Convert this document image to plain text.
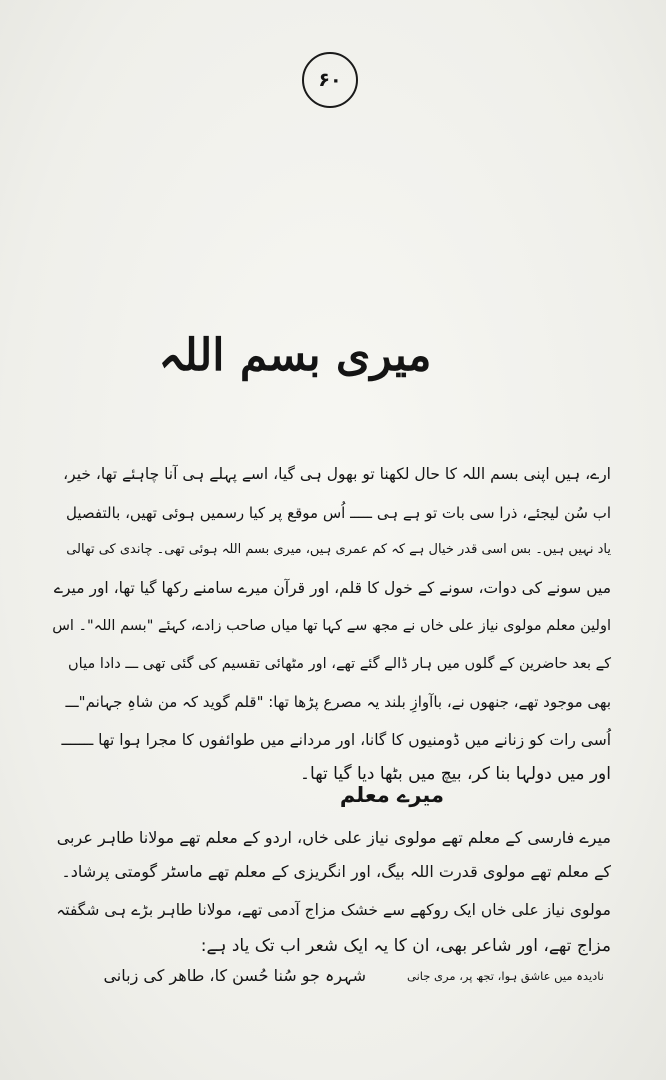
۶۰
میری بسم اللہ
ارے، ہیں اپنی بسم اللہ کا حال لکھنا تو بھول ہی گیا، اسے پہلے ہی آنا چاہئے تھا، خیر،
اب سُن لیجئے، ذرا سی بات تو ہے ہی ـــــ اُس موقع پر کیا رسمیں ہوئی تھیں، بالتفصیل
یاد نہیں ہیں۔ بس اسی قدر خیال ہے کہ کم عمری ہیں، میری بسم اللہ ہوئی تھی۔ چاندی کی تھالی
میں سونے کی دوات، سونے کے خول کا قلم، اور قرآن میرے سامنے رکھا گیا تھا، اور میرے
اولین معلم مولوی نیاز علی خاں نے مجھ سے کہا تھا میاں صاحب زادے، کہئے "بسم اللہ"۔ اس
کے بعد حاضرین کے گلوں میں ہار ڈالے گئے تھے، اور مٹھائی تقسیم کی گئی تھی ـــ دادا میاں
بھی موجود تھے، جنھوں نے، باآوازِ بلند یہ مصرع پڑھا تھا: "قلم گوید کہ من شاہِ جہانم"ـــ
اُسی رات کو زنانے میں ڈومنیوں کا گانا، اور مردانے میں طوائفوں کا مجرا ہوا تھا ـــــــ
اور میں دولہا بنا کر، بیچ میں بٹھا دیا گیا تھا۔
میرے معلم
میرے فارسی کے معلم تھے مولوی نیاز علی خاں، اردو کے معلم تھے مولانا طاہر عربی
کے معلم تھے مولوی قدرت اللہ بیگ، اور انگریزی کے معلم تھے ماسٹر گومتی پرشاد۔
مولوی نیاز علی خاں ایک روکھے سے خشک مزاج آدمی تھے، مولانا طاہر بڑے ہی شگفتہ
مزاج تھے، اور شاعر بھی، ان کا یہ ایک شعر اب تک یاد ہے:
شہرہ جو سُنا حُسن کا، طاھر کی زبانی	نادیدہ میں عاشق ہوا، تجھ پر، مری جانی
